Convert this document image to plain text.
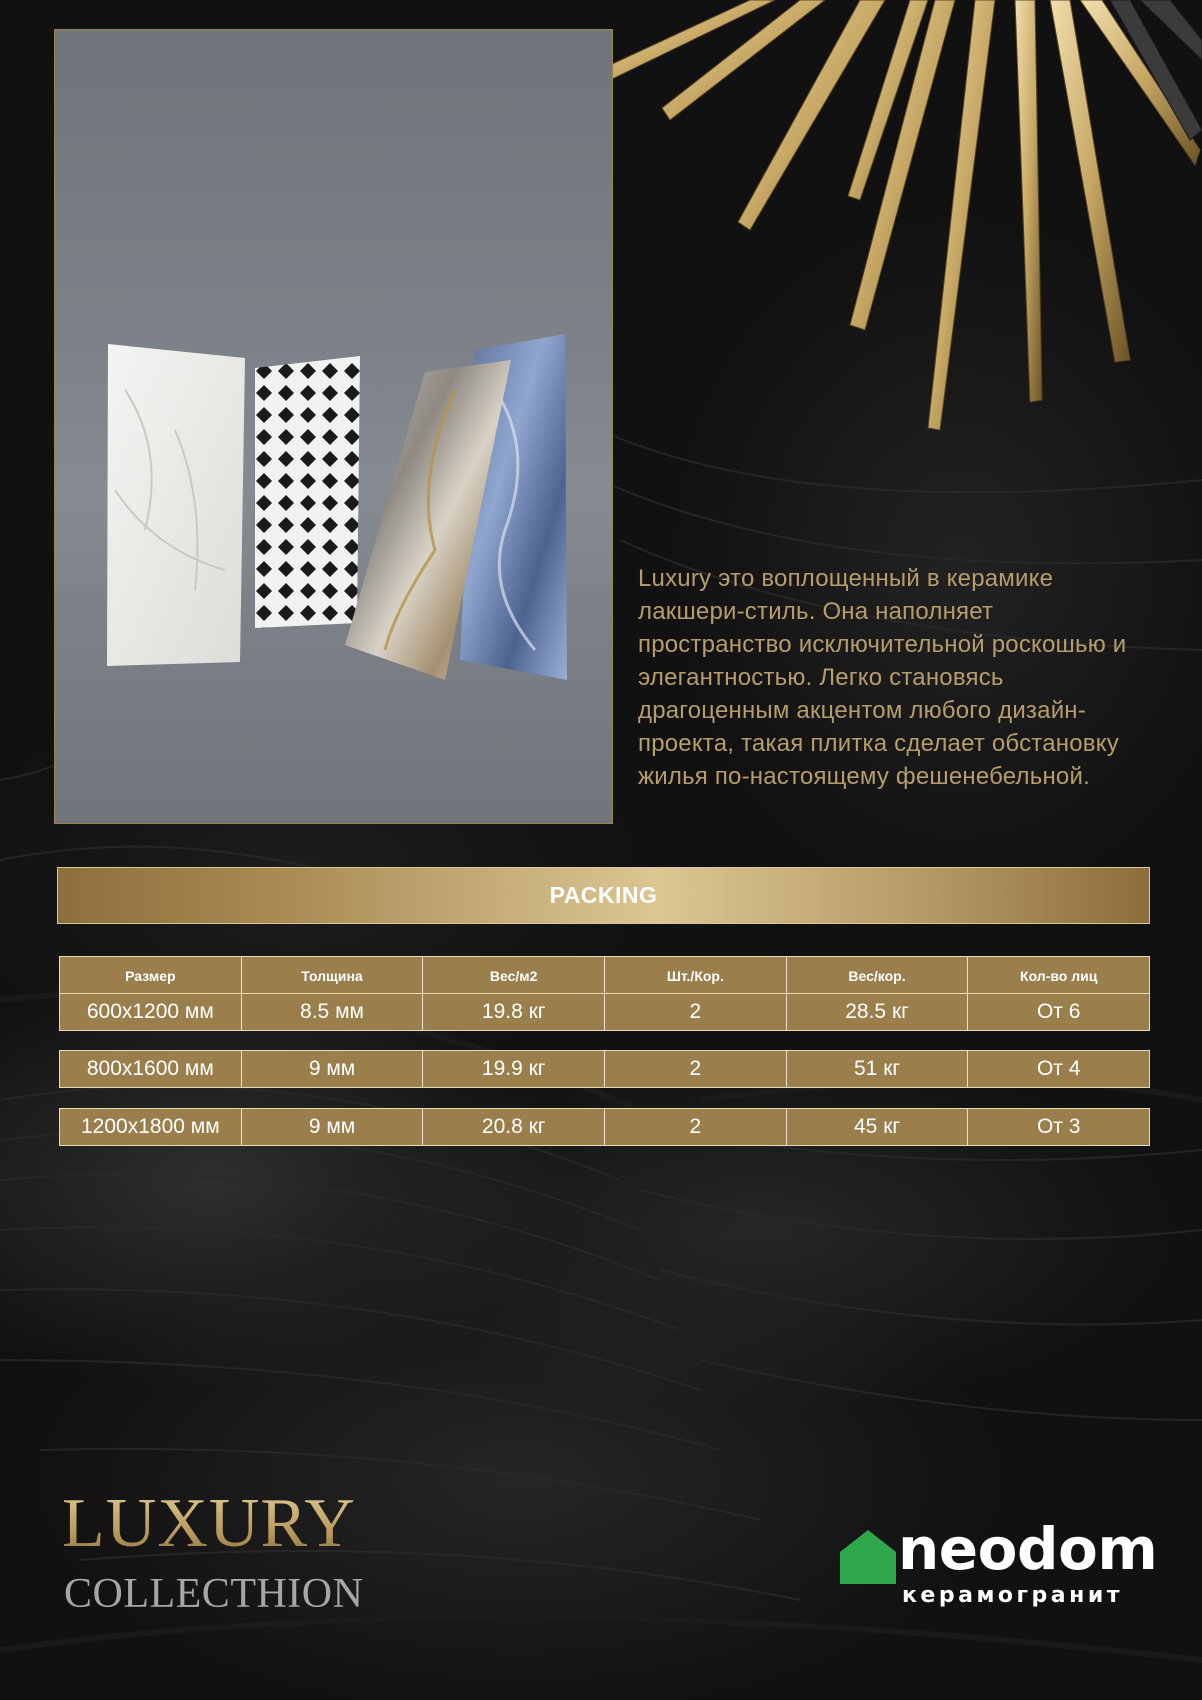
Luxury это воплощенный в керамике лакшери-стиль. Она наполняет пространство исключительной роскошью и элегантностью. Легко становясь драгоценным акцентом любого дизайн-проекта, такая плитка сделает обстановку жилья по-настоящему фешенебельной.

PACKING
Размер	Толщина	Вес/м2	Шт./Кор.	Вес/кор.	Кол-во лиц
600x1200 мм	8.5 мм	19.8 кг	2	28.5 кг	От 6
800x1600 мм	9 мм	19.9 кг	2	51 кг	От 4
1200x1800 мм	9 мм	20.8 кг	2	45 кг	От 3
LUXURY
COLLECTHION
neodom
керамогранит
